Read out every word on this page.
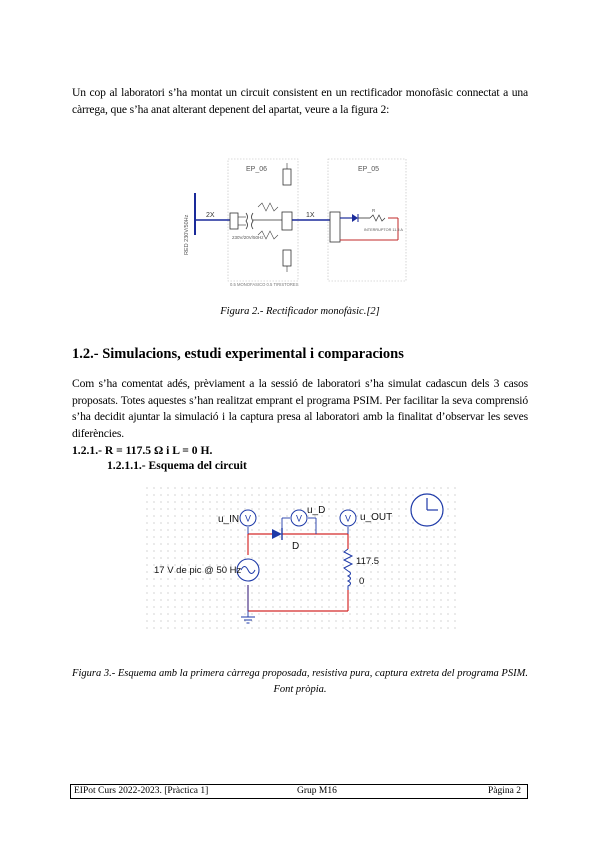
Un cop al laboratori s’ha montat un circuit consistent en un rectificador monofàsic connectat a una càrrega, que s’ha anat alterant depenent del apartat, veure a la figura 2:
EP_06	EP_05
RED 230V/50Hz 2X
230V/20V/50Hz
1X
R
INTERRUPTOR 11.5 A
0.5 MONOFASICO 0.5 TIRISTORES
Figura 2.- Rectificador monofàsic.[2]
1.2.- Simulacions, estudi experimental i comparacions
Com s’ha comentat adés, prèviament a la sessió de laboratori s’ha simulat cadascun dels 3 casos proposats. Totes aquestes s’han realitzat emprant el programa PSIM. Per facilitar la seva comprensió s’ha decidit ajuntar la simulació i la captura presa al laboratori amb la finalitat d’observar les seves diferències.
1.2.1.- R = 117.5 Ω i L = 0 H.
1.2.1.1.- Esquema del circuit
V
u_IN	V
u_D
V u_OUT
D
17 V de pic @ 50 Hz
117.5
0
Figura 3.- Esquema amb la primera càrrega proposada, resistiva pura, captura extreta del programa PSIM. Font pròpia.
EIPot Curs 2022-2023. [Pràctica 1]	Grup M16	Pàgina 2
